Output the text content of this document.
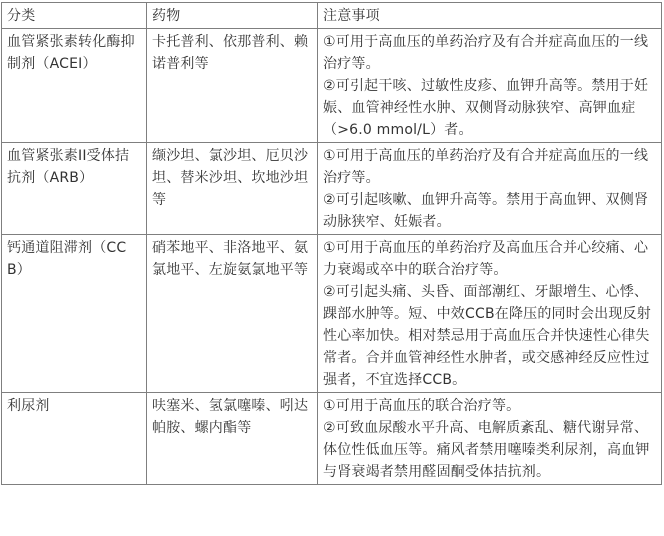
分类	药物	注意事项
血管紧张素转化酶抑制剂（ACEI）	卡托普利、依那普利、赖诺普利等	①可用于高血压的单药治疗及有合并症高血压的一线治疗等。
②可引起干咳、过敏性皮疹、血钾升高等。禁用于妊娠、血管神经性水肿、双侧肾动脉狭窄、高钾血症（>6.0 mmol/L）者。

血管紧张素II受体拮抗剂（ARB）	缬沙坦、氯沙坦、厄贝沙坦、替米沙坦、坎地沙坦等	①可用于高血压的单药治疗及有合并症高血压的一线治疗等。
②可引起咳嗽、血钾升高等。禁用于高血钾、双侧肾动脉狭窄、妊娠者。

钙通道阻滞剂（CCB）	硝苯地平、非洛地平、氨氯地平、左旋氨氯地平等	①可用于高血压的单药治疗及高血压合并心绞痛、心力衰竭或卒中的联合治疗等。
②可引起头痛、头昏、面部潮红、牙龈增生、心悸、踝部水肿等。短、中效CCB在降压的同时会出现反射性心率加快。相对禁忌用于高血压合并快速性心律失常者。合并血管神经性水肿者，或交感神经反应性过强者，不宜选择CCB。

利尿剂	呋塞米、氢氯噻嗪、吲达帕胺、螺内酯等	①可用于高血压的联合治疗等。
②可致血尿酸水平升高、电解质紊乱、糖代谢异常、体位性低血压等。痛风者禁用噻嗪类利尿剂，高血钾与肾衰竭者禁用醛固酮受体拮抗剂。
